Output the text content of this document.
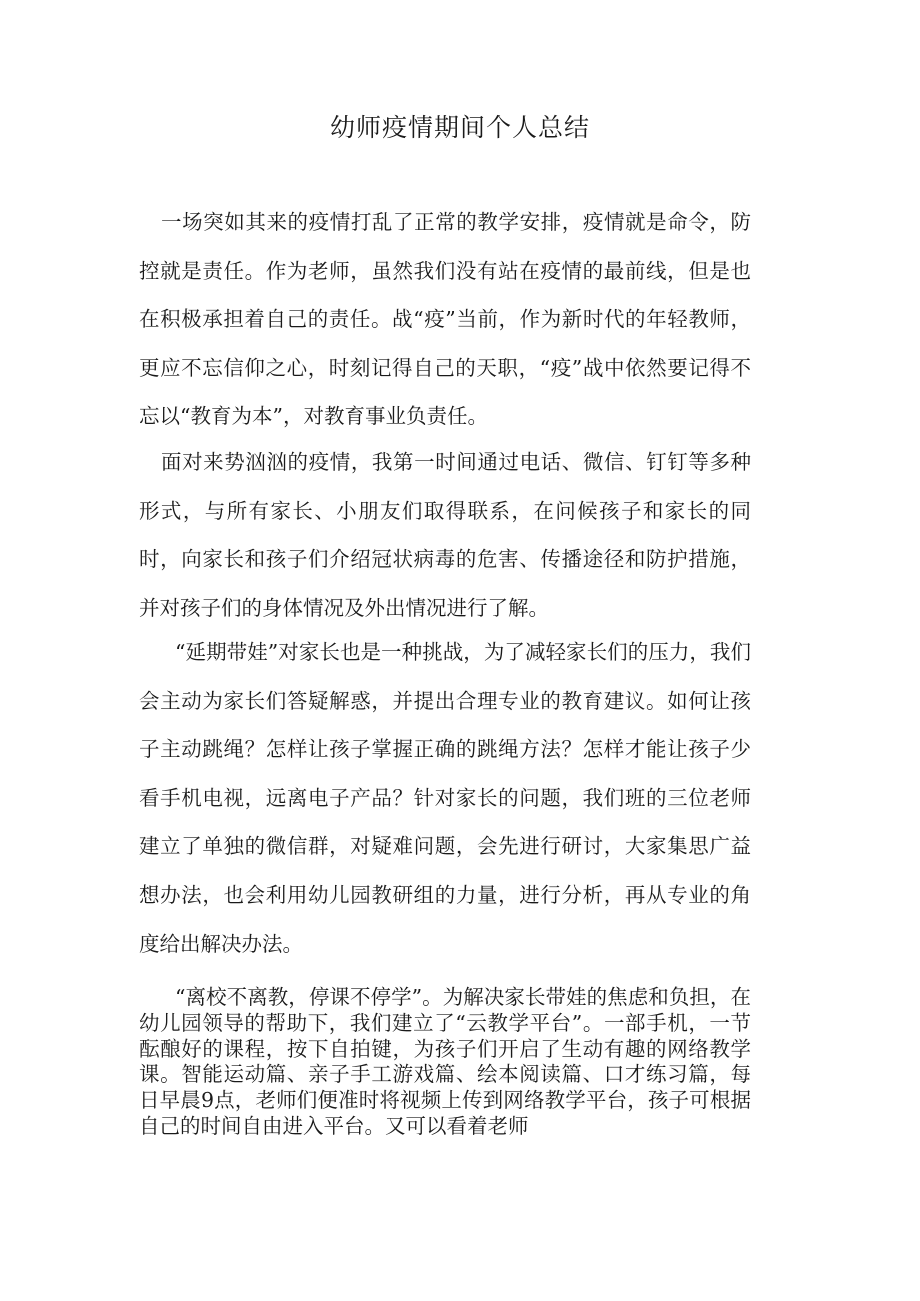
幼师疫情期间个人总结

一场突如其来的疫情打乱了正常的教学安排，疫情就是命令，防控就是责任。作为老师，虽然我们没有站在疫情的最前线，但是也在积极承担着自己的责任。战“疫”当前，作为新时代的年轻教师，更应不忘信仰之心，时刻记得自己的天职，“疫”战中依然要记得不忘以“教育为本”，对教育事业负责任。

面对来势汹汹的疫情，我第一时间通过电话、微信、钉钉等多种形式，与所有家长、小朋友们取得联系，在问候孩子和家长的同时，向家长和孩子们介绍冠状病毒的危害、传播途径和防护措施，并对孩子们的身体情况及外出情况进行了解。

“延期带娃”对家长也是一种挑战，为了减轻家长们的压力，我们会主动为家长们答疑解惑，并提出合理专业的教育建议。如何让孩子主动跳绳？怎样让孩子掌握正确的跳绳方法？怎样才能让孩子少看手机电视，远离电子产品？针对家长的问题，我们班的三位老师建立了单独的微信群，对疑难问题，会先进行研讨，大家集思广益想办法，也会利用幼儿园教研组的力量，进行分析，再从专业的角度给出解决办法。

“离校不离教，停课不停学”。为解决家长带娃的焦虑和负担，在幼儿园领导的帮助下，我们建立了“云教学平台”。一部手机，一节酝酿好的课程，按下自拍键，为孩子们开启了生动有趣的网络教学课。智能运动篇、亲子手工游戏篇、绘本阅读篇、口才练习篇，每日早晨9点，老师们便准时将视频上传到网络教学平台，孩子可根据自己的时间自由进入平台。又可以看着老师
